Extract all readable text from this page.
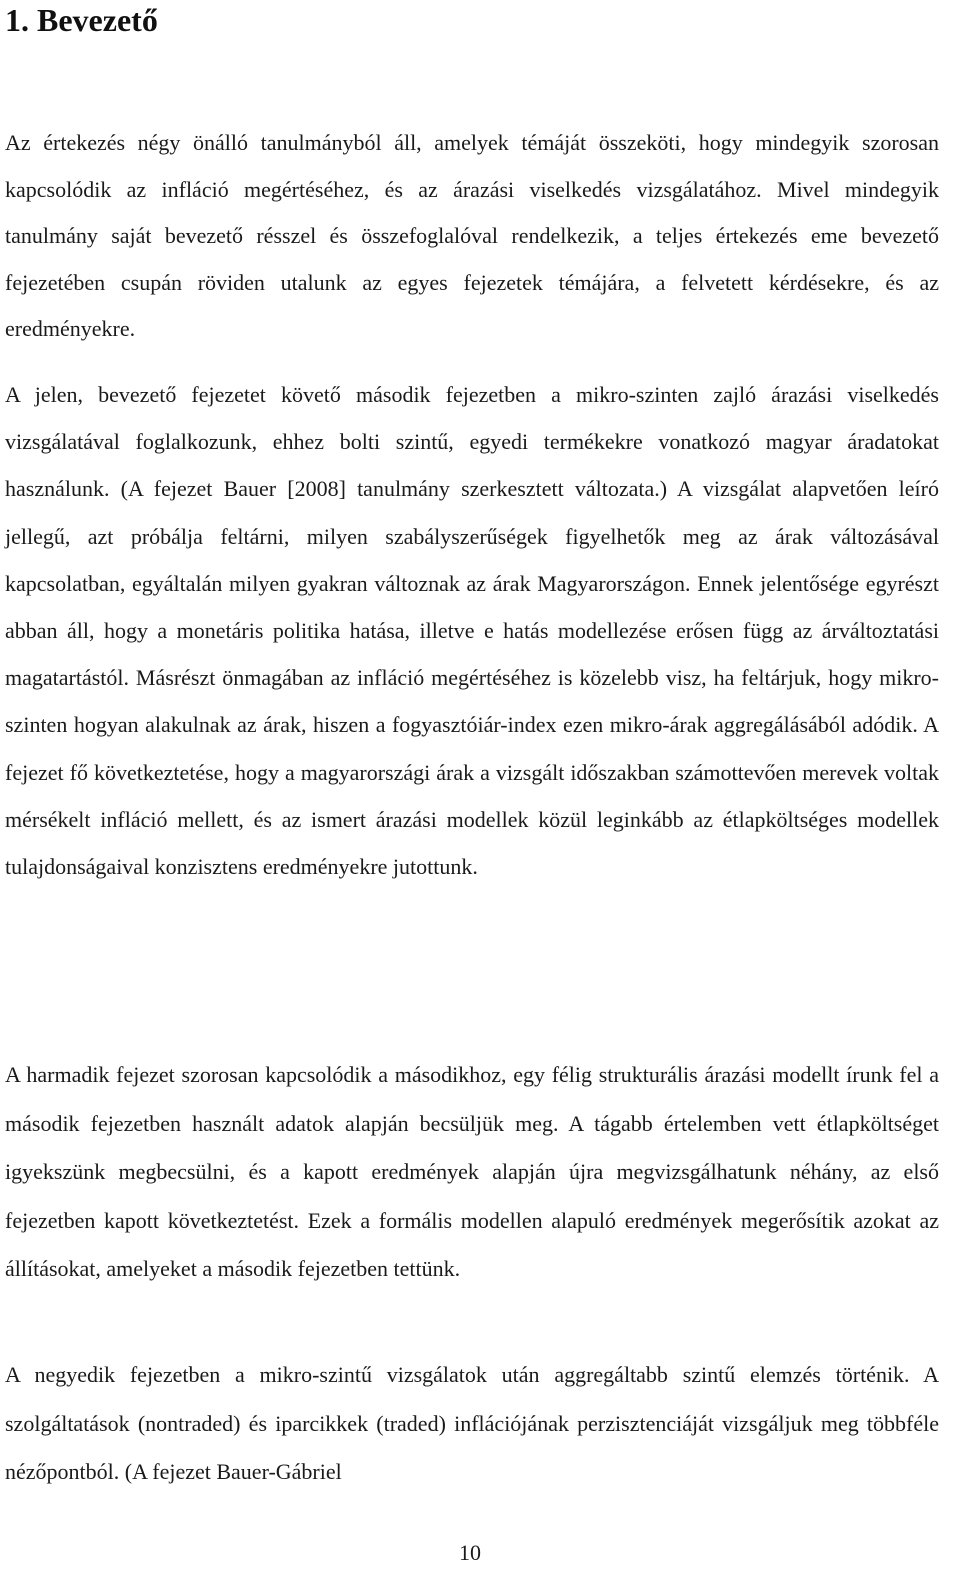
1. Bevezető

Az értekezés négy önálló tanulmányból áll, amelyek témáját összeköti, hogy mindegyik szorosan kapcsolódik az infláció megértéséhez, és az árazási viselkedés vizsgálatához. Mivel mindegyik tanulmány saját bevezető résszel és összefoglalóval rendelkezik, a teljes értekezés eme bevezető fejezetében csupán röviden utalunk az egyes fejezetek témájára, a felvetett kérdésekre, és az eredményekre.

A jelen, bevezető fejezetet követő második fejezetben a mikro-szinten zajló árazási viselkedés vizsgálatával foglalkozunk, ehhez bolti szintű, egyedi termékekre vonatkozó magyar áradatokat használunk. (A fejezet Bauer [2008] tanulmány szerkesztett változata.) A vizsgálat alapvetően leíró jellegű, azt próbálja feltárni, milyen szabályszerűségek figyelhetők meg az árak változásával kapcsolatban, egyáltalán milyen gyakran változnak az árak Magyarországon. Ennek jelentősége egyrészt abban áll, hogy a monetáris politika hatása, illetve e hatás modellezése erősen függ az árváltoztatási magatartástól. Másrészt önmagában az infláció megértéséhez is közelebb visz, ha feltárjuk, hogy mikro-szinten hogyan alakulnak az árak, hiszen a fogyasztóiár-index ezen mikro-árak aggregálásából adódik. A fejezet fő következtetése, hogy a magyarországi árak a vizsgált időszakban számottevően merevek voltak mérsékelt infláció mellett, és az ismert árazási modellek közül leginkább az étlapköltséges modellek tulajdonságaival konzisztens eredményekre jutottunk.

A harmadik fejezet szorosan kapcsolódik a másodikhoz, egy félig strukturális árazási modellt írunk fel a második fejezetben használt adatok alapján becsüljük meg. A tágabb értelemben vett étlapköltséget igyekszünk megbecsülni, és a kapott eredmények alapján újra megvizsgálhatunk néhány, az első fejezetben kapott következtetést. Ezek a formális modellen alapuló eredmények megerősítik azokat az állításokat, amelyeket a második fejezetben tettünk.

A negyedik fejezetben a mikro-szintű vizsgálatok után aggregáltabb szintű elemzés történik. A szolgáltatások (nontraded) és iparcikkek (traded) inflációjának perzisztenciáját vizsgáljuk meg többféle nézőpontból. (A fejezet Bauer-Gábriel

10
